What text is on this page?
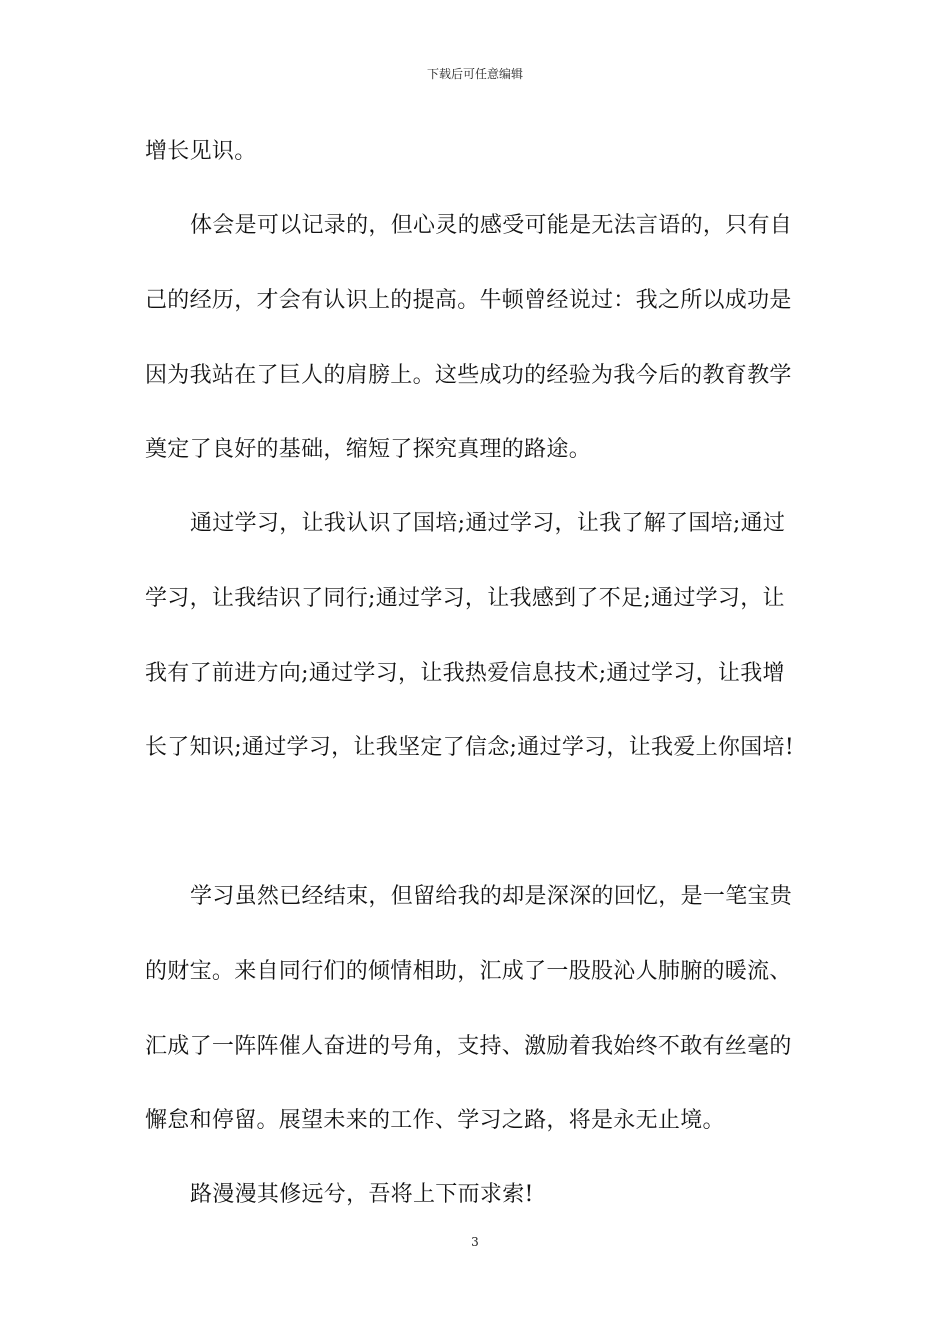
下载后可任意编辑
增长见识。
体会是可以记录的，但心灵的感受可能是无法言语的，只有自
己的经历，才会有认识上的提高。牛顿曾经说过：我之所以成功是
因为我站在了巨人的肩膀上。这些成功的经验为我今后的教育教学
奠定了良好的基础，缩短了探究真理的路途。
通过学习，让我认识了国培;通过学习，让我了解了国培;通过
学习，让我结识了同行;通过学习，让我感到了不足;通过学习，让
我有了前进方向;通过学习，让我热爱信息技术;通过学习，让我增
长了知识;通过学习，让我坚定了信念;通过学习，让我爱上你国培!
学习虽然已经结束，但留给我的却是深深的回忆，是一笔宝贵
的财宝。来自同行们的倾情相助，汇成了一股股沁人肺腑的暖流、
汇成了一阵阵催人奋进的号角，支持、激励着我始终不敢有丝毫的
懈怠和停留。展望未来的工作、学习之路，将是永无止境。
路漫漫其修远兮，吾将上下而求索!
3
